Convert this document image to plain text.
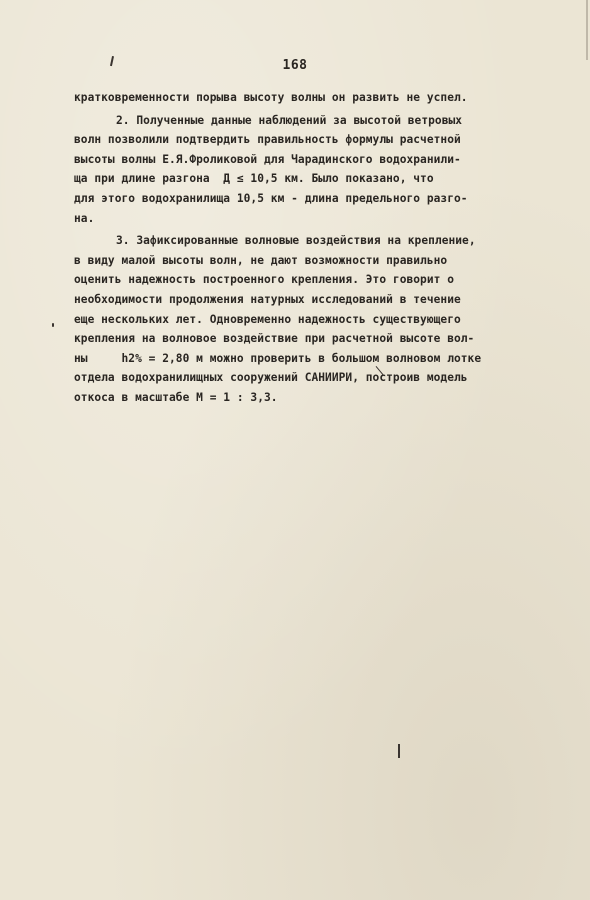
168
кратковременности порыва высоту волны он развить не успел.
2. Полученные данные наблюдений за высотой ветровых
волн позволили подтвердить правильность формулы расчетной
высоты волны Е.Я.Фроликовой для Чарадинского водохранили-
ща при длине разгона  Д ≤ 10,5 км. Было показано, что
для этого водохранилища 10,5 км - длина предельного разго-
на.
3. Зафиксированные волновые воздействия на крепление,
в виду малой высоты волн, не дают возможности правильно
оценить надежность построенного крепления. Это говорит о
необходимости продолжения натурных исследований в течение
еще нескольких лет. Одновременно надежность существующего
крепления на волновое воздействие при расчетной высоте вол-
ны     h2% = 2,80 м можно проверить в большом волновом лотке
отдела водохранилищных сооружений САНИИРИ, построив модель
откоса в масштабе М = 1 : 3,3.
